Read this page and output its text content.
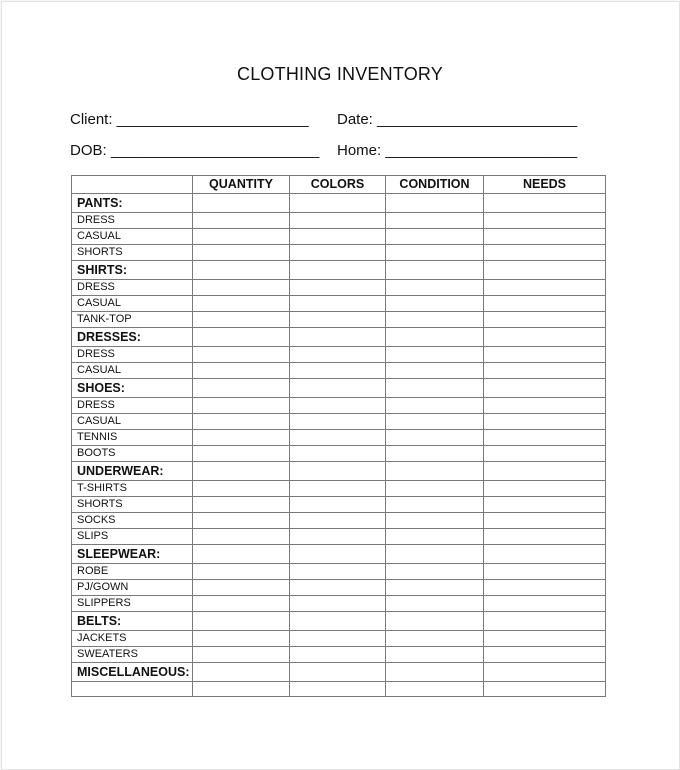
CLOTHING INVENTORY
Client: _______________________ Date: ________________________
DOB: _________________________ Home: _______________________
	QUANTITY	COLORS	CONDITION	NEEDS
PANTS:				
DRESS				
CASUAL				
SHORTS				
SHIRTS:				
DRESS				
CASUAL				
TANK-TOP				
DRESSES:				
DRESS				
CASUAL				
SHOES:				
DRESS				
CASUAL				
TENNIS				
BOOTS				
UNDERWEAR:				
T-SHIRTS				
SHORTS				
SOCKS				
SLIPS				
SLEEPWEAR:				
ROBE				
PJ/GOWN				
SLIPPERS				
BELTS:				
JACKETS				
SWEATERS				
MISCELLANEOUS:				
